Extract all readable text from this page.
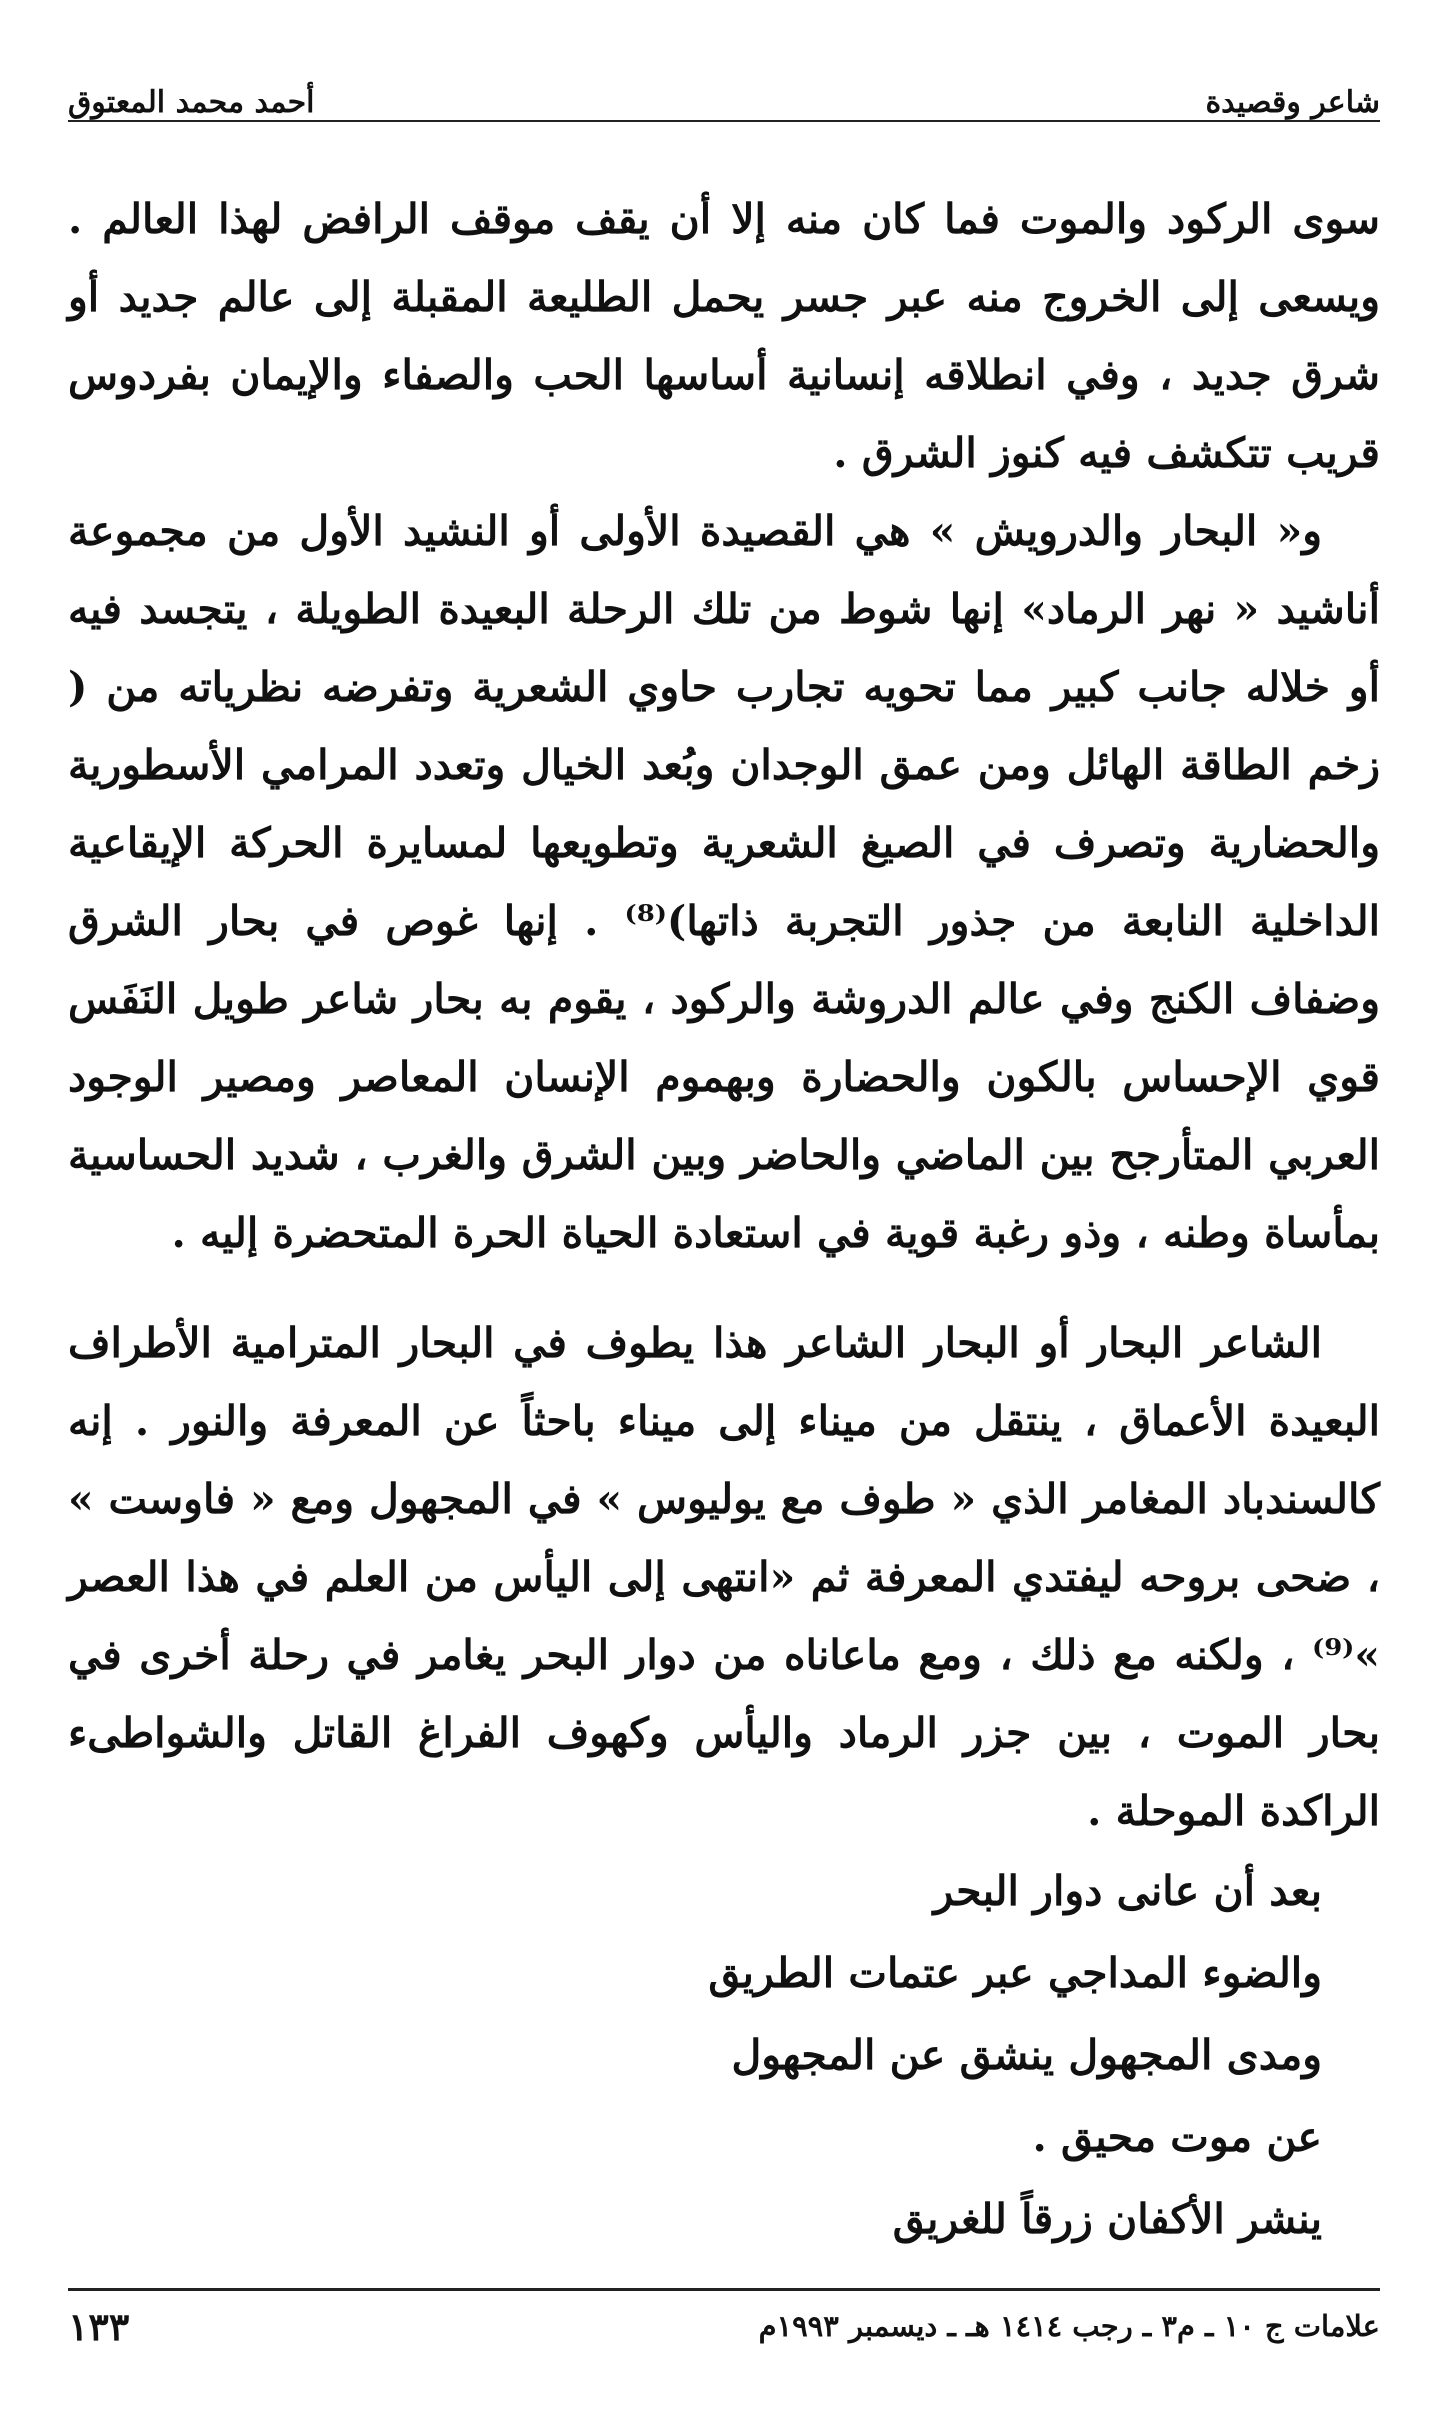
شاعر وقصيدة
أحمد محمد المعتوق

سوى الركود والموت فما كان منه إلا أن يقف موقف الرافض لهذا العالم . ويسعى إلى الخروج منه عبر جسر يحمل الطليعة المقبلة إلى عالم جديد أو شرق جديد ، وفي انطلاقه إنسانية أساسها الحب والصفاء والإيمان بفردوس قريب تتكشف فيه كنوز الشرق .

و« البحار والدرويش » هي القصيدة الأولى أو النشيد الأول من مجموعة أناشيد « نهر الرماد» إنها شوط من تلك الرحلة البعيدة الطويلة ، يتجسد فيه أو خلاله جانب كبير مما تحويه تجارب حاوي الشعرية وتفرضه نظرياته من ( زخم الطاقة الهائل ومن عمق الوجدان وبُعد الخيال وتعدد المرامي الأسطورية والحضارية وتصرف في الصيغ الشعرية وتطويعها لمسايرة الحركة الإيقاعية الداخلية النابعة من جذور التجربة ذاتها)⁽⁸⁾ . إنها غوص في بحار الشرق وضفاف الكنج وفي عالم الدروشة والركود ، يقوم به بحار شاعر طويل النَفَس قوي الإحساس بالكون والحضارة وبهموم الإنسان المعاصر ومصير الوجود العربي المتأرجح بين الماضي والحاضر وبين الشرق والغرب ، شديد الحساسية بمأساة وطنه ، وذو رغبة قوية في استعادة الحياة الحرة المتحضرة إليه .

الشاعر البحار أو البحار الشاعر هذا يطوف في البحار المترامية الأطراف البعيدة الأعماق ، ينتقل من ميناء إلى ميناء باحثاً عن المعرفة والنور . إنه كالسندباد المغامر الذي « طوف مع يوليوس » في المجهول ومع « فاوست » ، ضحى بروحه ليفتدي المعرفة ثم «انتهى إلى اليأس من العلم في هذا العصر »⁽⁹⁾ ، ولكنه مع ذلك ، ومع ماعاناه من دوار البحر يغامر في رحلة أخرى في بحار الموت ، بين جزر الرماد واليأس وكهوف الفراغ القاتل والشواطىء الراكدة الموحلة .

بعد أن عانى دوار البحر
والضوء المداجي عبر عتمات الطريق
ومدى المجهول ينشق عن المجهول
عن موت محيق .
ينشر الأكفان زرقاً للغريق
علامات ج ١٠ ـ م٣ ـ رجب ١٤١٤ هـ ـ ديسمبر ١٩٩٣م
١٣٣
